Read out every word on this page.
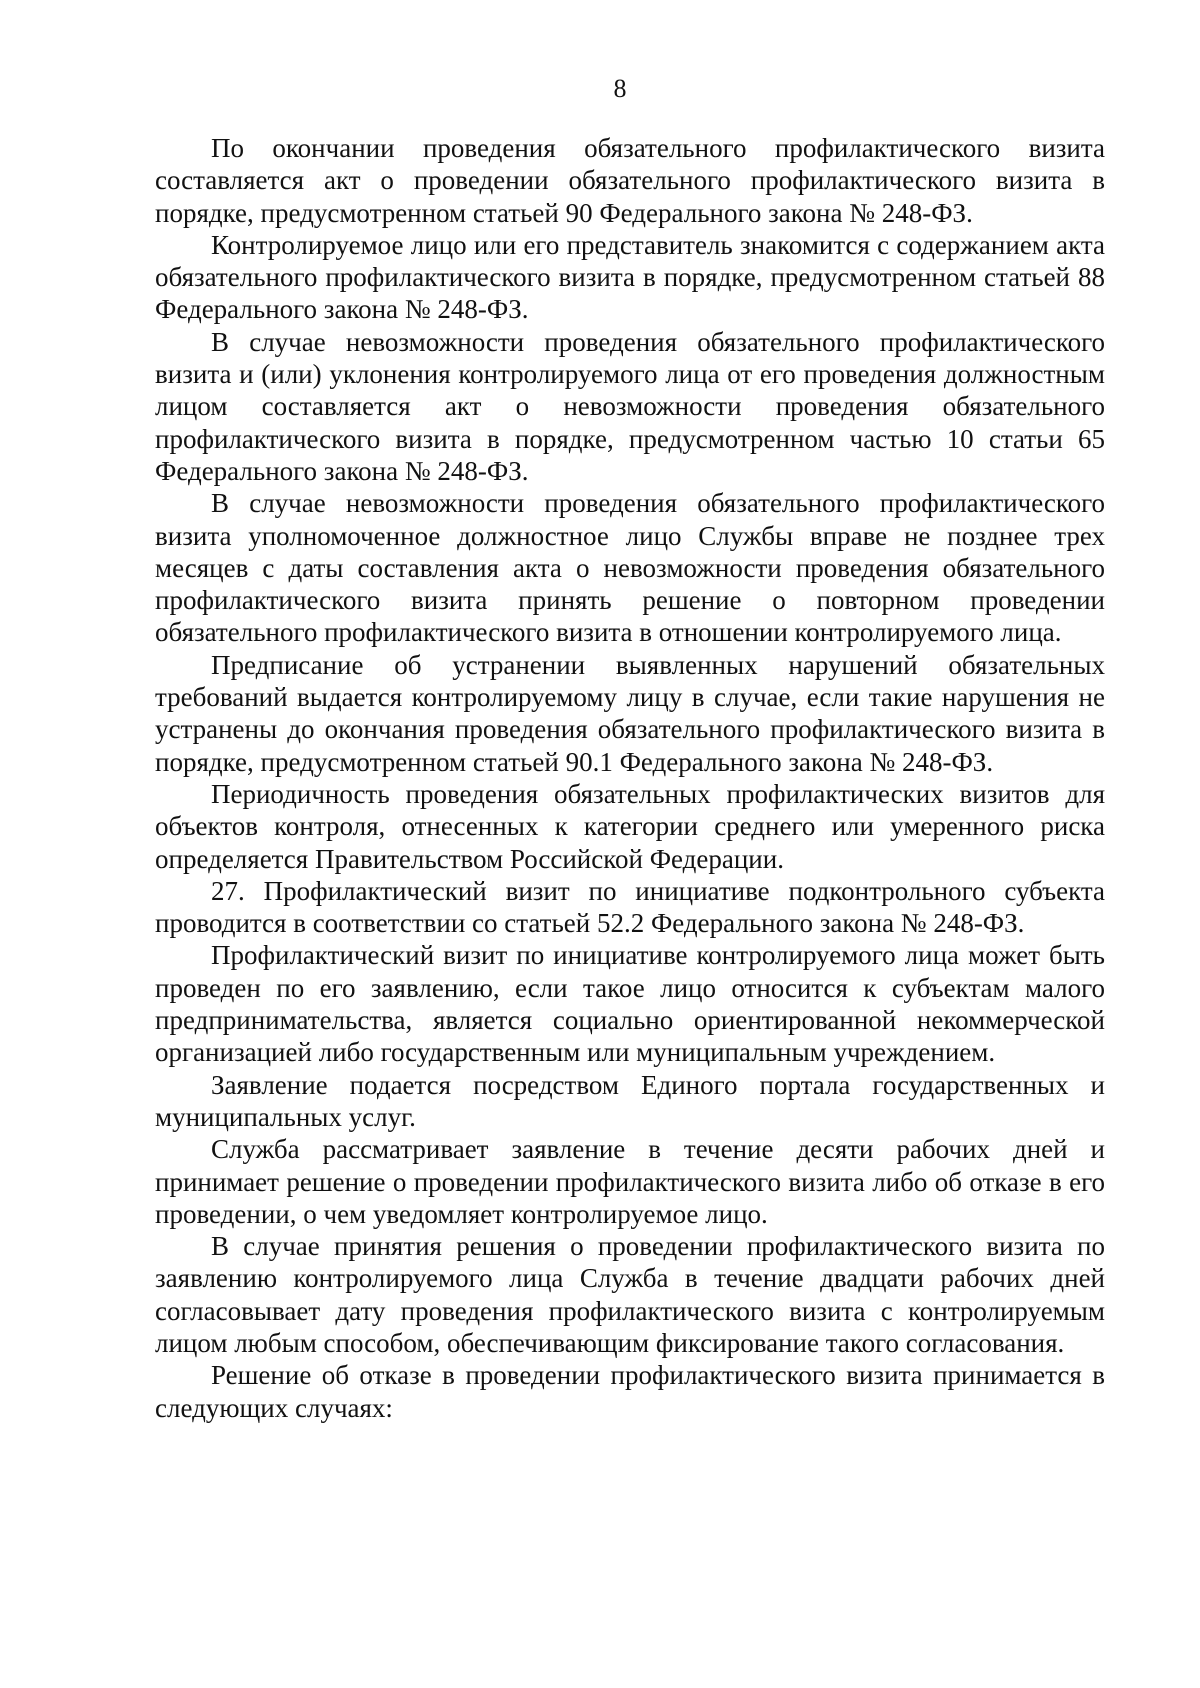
8

По окончании проведения обязательного профилактического визита составляется акт о проведении обязательного профилактического визита в порядке, предусмотренном статьей 90 Федерального закона № 248-ФЗ.

Контролируемое лицо или его представитель знакомится с содержанием акта обязательного профилактического визита в порядке, предусмотренном статьей 88 Федерального закона № 248-ФЗ.

В случае невозможности проведения обязательного профилактического визита и (или) уклонения контролируемого лица от его проведения должностным лицом составляется акт о невозможности проведения обязательного профилактического визита в порядке, предусмотренном частью 10 статьи 65 Федерального закона № 248-ФЗ.

В случае невозможности проведения обязательного профилактического визита уполномоченное должностное лицо Службы вправе не позднее трех месяцев с даты составления акта о невозможности проведения обязательного профилактического визита принять решение о повторном проведении обязательного профилактического визита в отношении контролируемого лица.

Предписание об устранении выявленных нарушений обязательных требований выдается контролируемому лицу в случае, если такие нарушения не устранены до окончания проведения обязательного профилактического визита в порядке, предусмотренном статьей 90.1 Федерального закона № 248-ФЗ.

Периодичность проведения обязательных профилактических визитов для объектов контроля, отнесенных к категории среднего или умеренного риска определяется Правительством Российской Федерации.

27. Профилактический визит по инициативе подконтрольного субъекта проводится в соответствии со статьей 52.2 Федерального закона № 248-ФЗ.

Профилактический визит по инициативе контролируемого лица может быть проведен по его заявлению, если такое лицо относится к субъектам малого предпринимательства, является социально ориентированной некоммерческой организацией либо государственным или муниципальным учреждением.

Заявление подается посредством Единого портала государственных и муниципальных услуг.

Служба рассматривает заявление в течение десяти рабочих дней и принимает решение о проведении профилактического визита либо об отказе в его проведении, о чем уведомляет контролируемое лицо.

В случае принятия решения о проведении профилактического визита по заявлению контролируемого лица Служба в течение двадцати рабочих дней согласовывает дату проведения профилактического визита с контролируемым лицом любым способом, обеспечивающим фиксирование такого согласования.

Решение об отказе в проведении профилактического визита принимается в следующих случаях:
